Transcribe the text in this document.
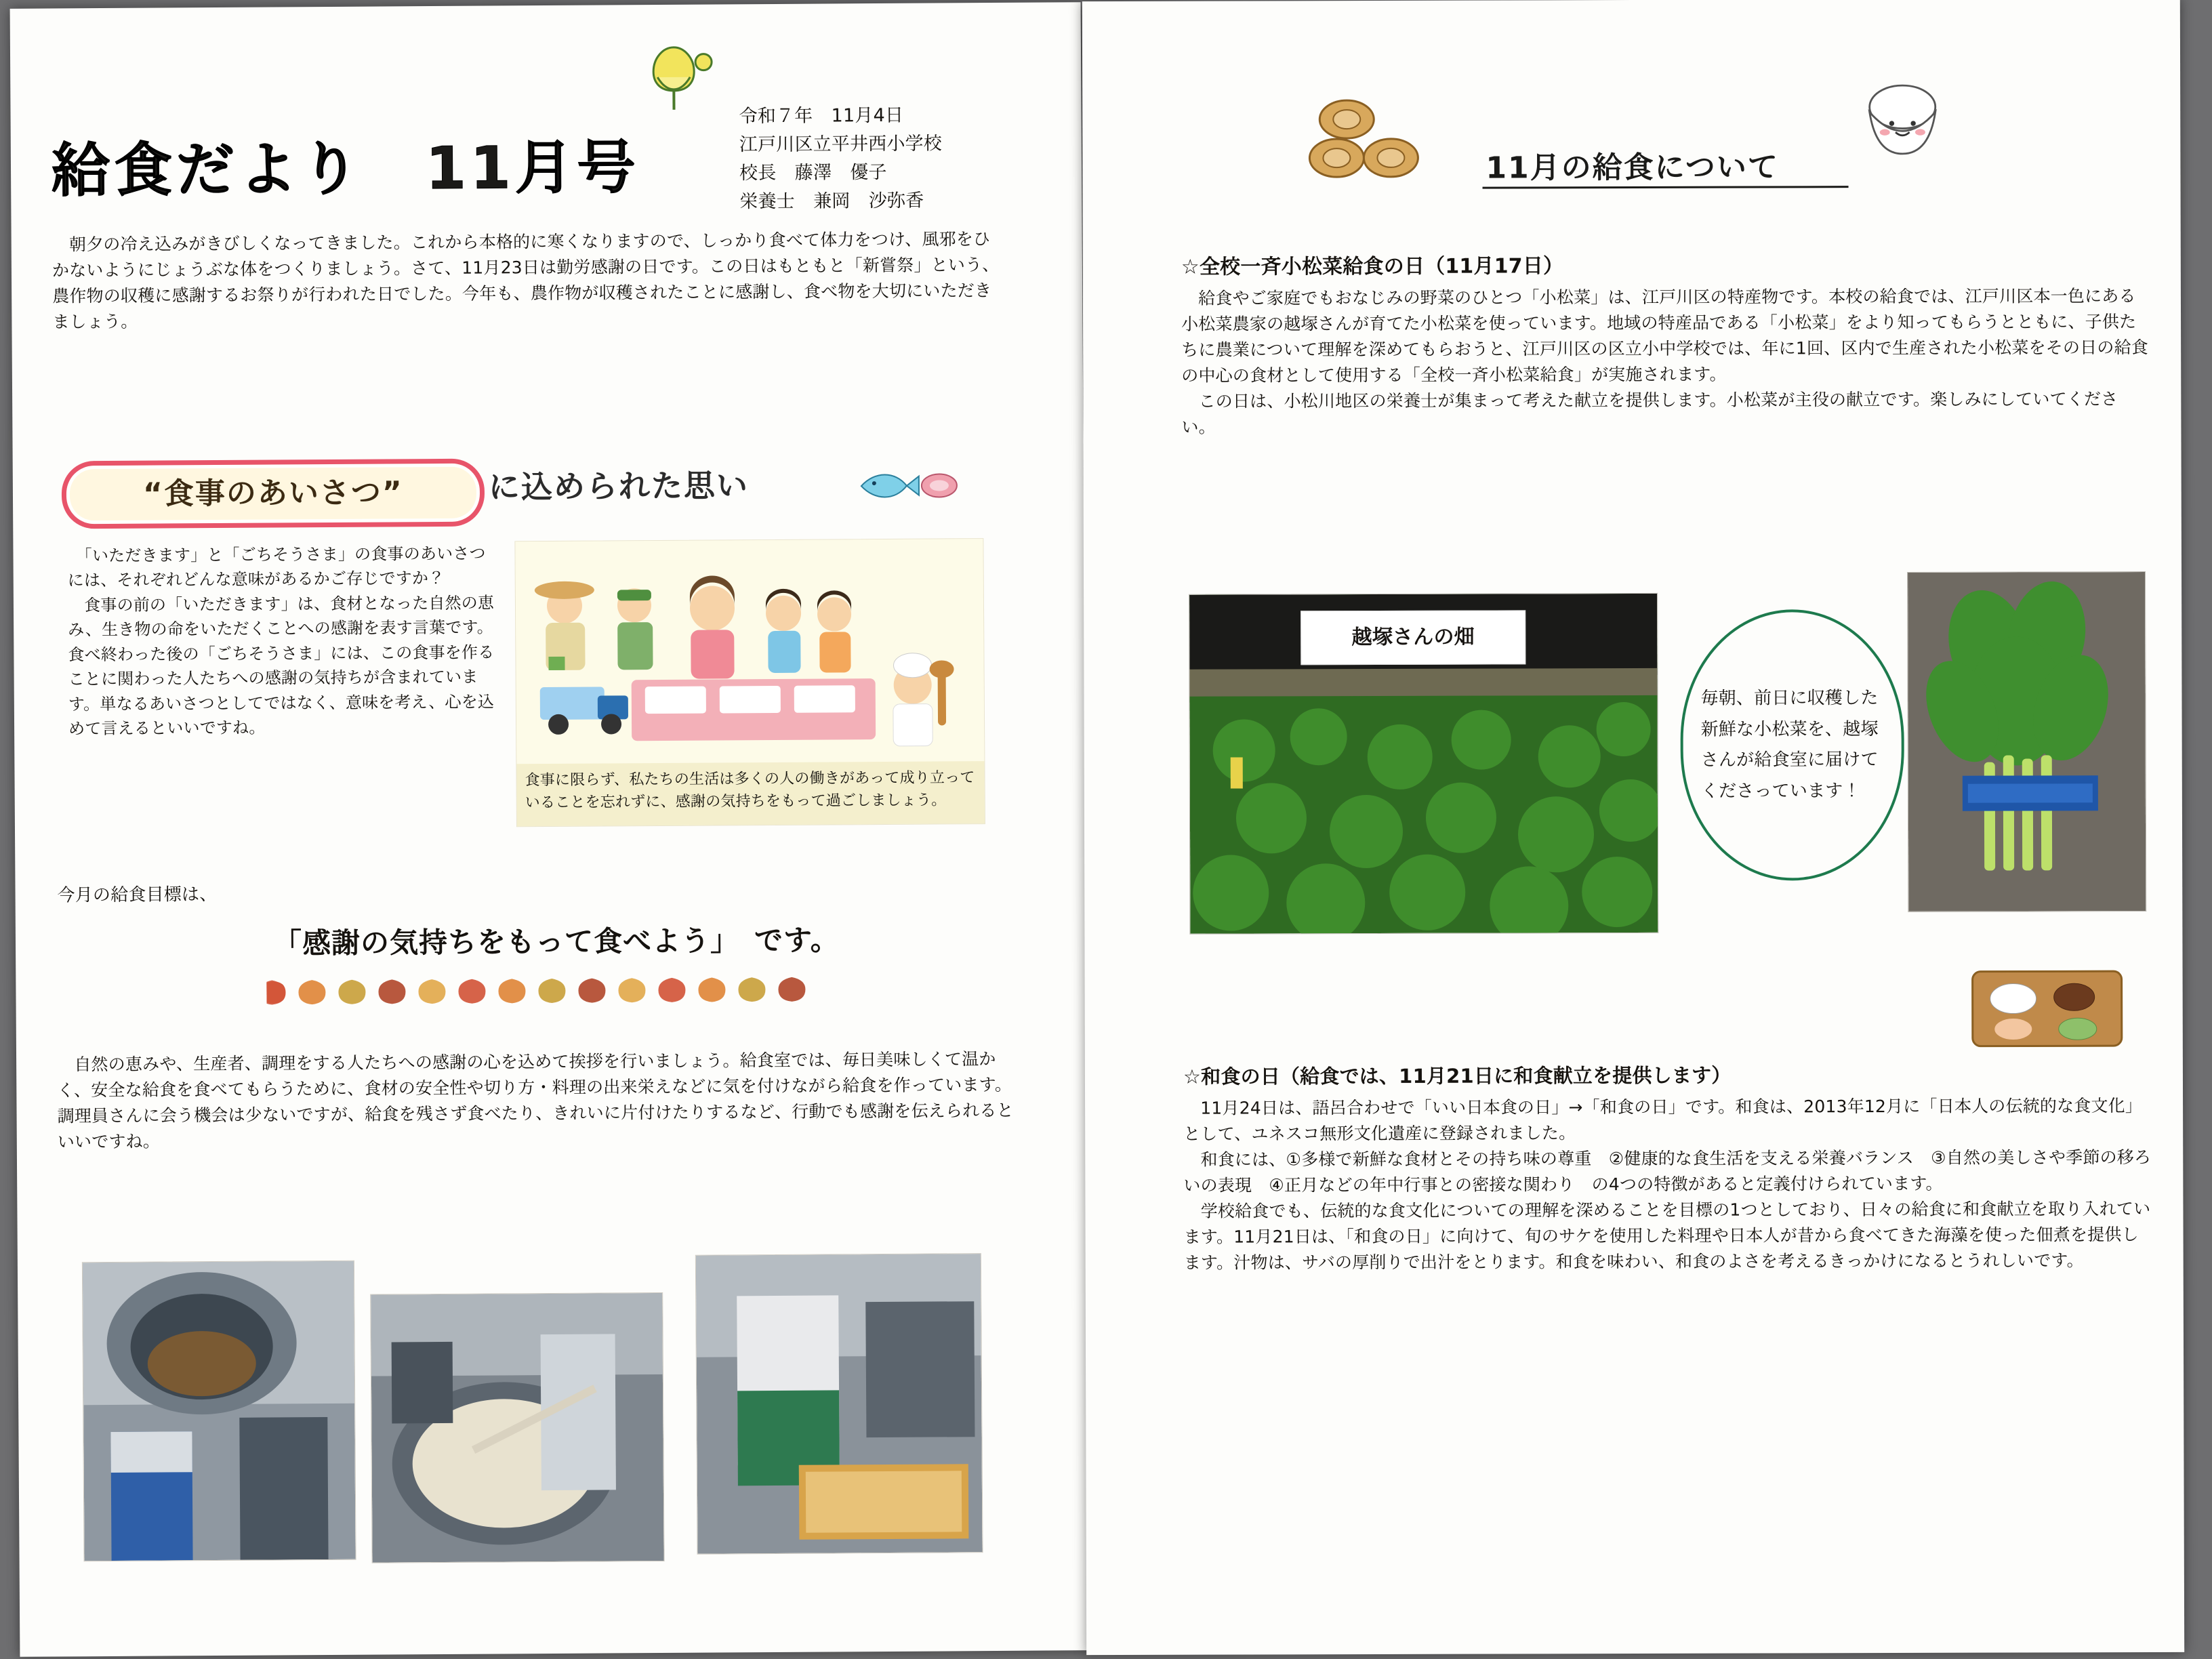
給食だより　11月号
令和７年　11月4日
江戸川区立平井西小学校
校長　藤澤　優子
栄養士　兼岡　沙弥香
　朝夕の冷え込みがきびしくなってきました。これから本格的に寒くなりますので、しっかり食べて体力をつけ、風邪をひかないようにじょうぶな体をつくりましょう。さて、11月23日は勤労感謝の日です。この日はもともと「新嘗祭」という、農作物の収穫に感謝するお祭りが行われた日でした。今年も、農作物が収穫されたことに感謝し、食べ物を大切にいただきましょう。
“食事のあいさつ”	に込められた思い
　「いただきます」と「ごちそうさま」の食事のあいさつには、それぞれどんな意味があるかご存じですか？
　食事の前の「いただきます」は、食材となった自然の恵み、生き物の命をいただくことへの感謝を表す言葉です。食べ終わった後の「ごちそうさま」には、この食事を作ることに関わった人たちへの感謝の気持ちが含まれています。単なるあいさつとしてではなく、意味を考え、心を込めて言えるといいですね。
食事に限らず、私たちの生活は多くの人の働きがあって成り立っていることを忘れずに、感謝の気持ちをもって過ごしましょう。
今月の給食目標は、
「感謝の気持ちをもって食べよう」　です。
　自然の恵みや、生産者、調理をする人たちへの感謝の心を込めて挨拶を行いましょう。給食室では、毎日美味しくて温かく、安全な給食を食べてもらうために、食材の安全性や切り方・料理の出来栄えなどに気を付けながら給食を作っています。調理員さんに会う機会は少ないですが、給食を残さず食べたり、きれいに片付けたりするなど、行動でも感謝を伝えられるといいですね。
11月の給食について
☆全校一斉小松菜給食の日（11月17日）
　給食やご家庭でもおなじみの野菜のひとつ「小松菜」は、江戸川区の特産物です。本校の給食では、江戸川区本一色にある小松菜農家の越塚さんが育てた小松菜を使っています。地域の特産品である「小松菜」をより知ってもらうとともに、子供たちに農業について理解を深めてもらおうと、江戸川区の区立小中学校では、年に1回、区内で生産された小松菜をその日の給食の中心の食材として使用する「全校一斉小松菜給食」が実施されます。
　この日は、小松川地区の栄養士が集まって考えた献立を提供します。小松菜が主役の献立です。楽しみにしていてください。
越塚さんの畑
毎朝、前日に収穫した新鮮な小松菜を、越塚さんが給食室に届けてくださっています！
☆和食の日（給食では、11月21日に和食献立を提供します）
　11月24日は、語呂合わせで「いい日本食の日」→「和食の日」です。和食は、2013年12月に「日本人の伝統的な食文化」として、ユネスコ無形文化遺産に登録されました。
　和食には、①多様で新鮮な食材とその持ち味の尊重　②健康的な食生活を支える栄養バランス　③自然の美しさや季節の移ろいの表現　④正月などの年中行事との密接な関わり　の4つの特徴があると定義付けられています。
　学校給食でも、伝統的な食文化についての理解を深めることを目標の1つとしており、日々の給食に和食献立を取り入れています。11月21日は、「和食の日」に向けて、旬のサケを使用した料理や日本人が昔から食べてきた海藻を使った佃煮を提供します。汁物は、サバの厚削りで出汁をとります。和食を味わい、和食のよさを考えるきっかけになるとうれしいです。
